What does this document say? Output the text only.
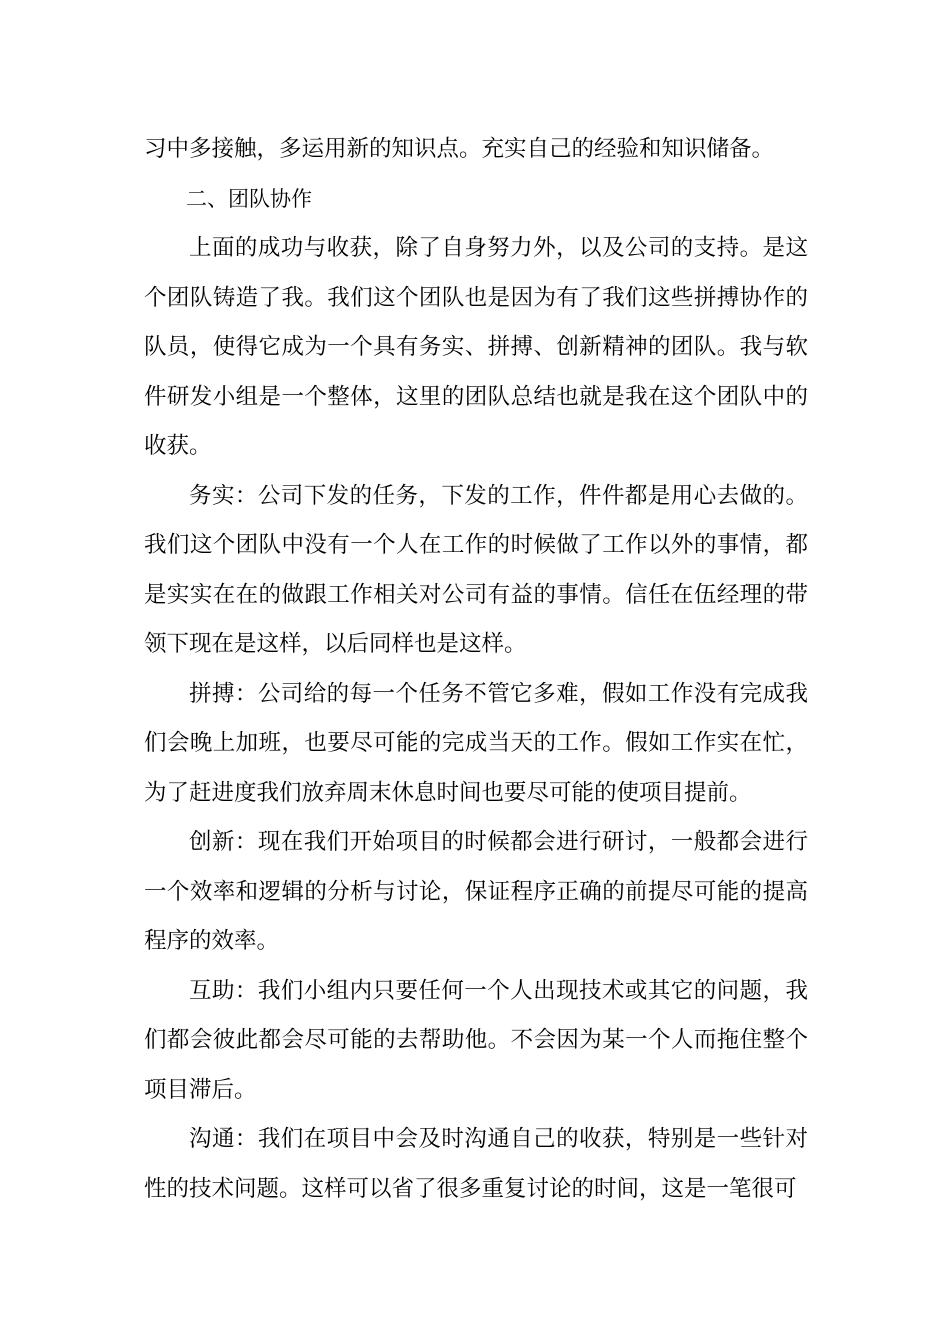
习中多接触，多运用新的知识点。充实自己的经验和知识储备。

二、团队协作

上面的成功与收获，除了自身努力外，以及公司的支持。是这个团队铸造了我。我们这个团队也是因为有了我们这些拼搏协作的队员，使得它成为一个具有务实、拼搏、创新精神的团队。我与软件研发小组是一个整体，这里的团队总结也就是我在这个团队中的收获。

务实：公司下发的任务，下发的工作，件件都是用心去做的。我们这个团队中没有一个人在工作的时候做了工作以外的事情，都是实实在在的做跟工作相关对公司有益的事情。信任在伍经理的带领下现在是这样，以后同样也是这样。

拼搏：公司给的每一个任务不管它多难，假如工作没有完成我们会晚上加班，也要尽可能的完成当天的工作。假如工作实在忙，为了赶进度我们放弃周末休息时间也要尽可能的使项目提前。

创新：现在我们开始项目的时候都会进行研讨，一般都会进行一个效率和逻辑的分析与讨论，保证程序正确的前提尽可能的提高程序的效率。

互助：我们小组内只要任何一个人出现技术或其它的问题，我们都会彼此都会尽可能的去帮助他。不会因为某一个人而拖住整个项目滞后。

沟通：我们在项目中会及时沟通自己的收获，特别是一些针对性的技术问题。这样可以省了很多重复讨论的时间，这是一笔很可
